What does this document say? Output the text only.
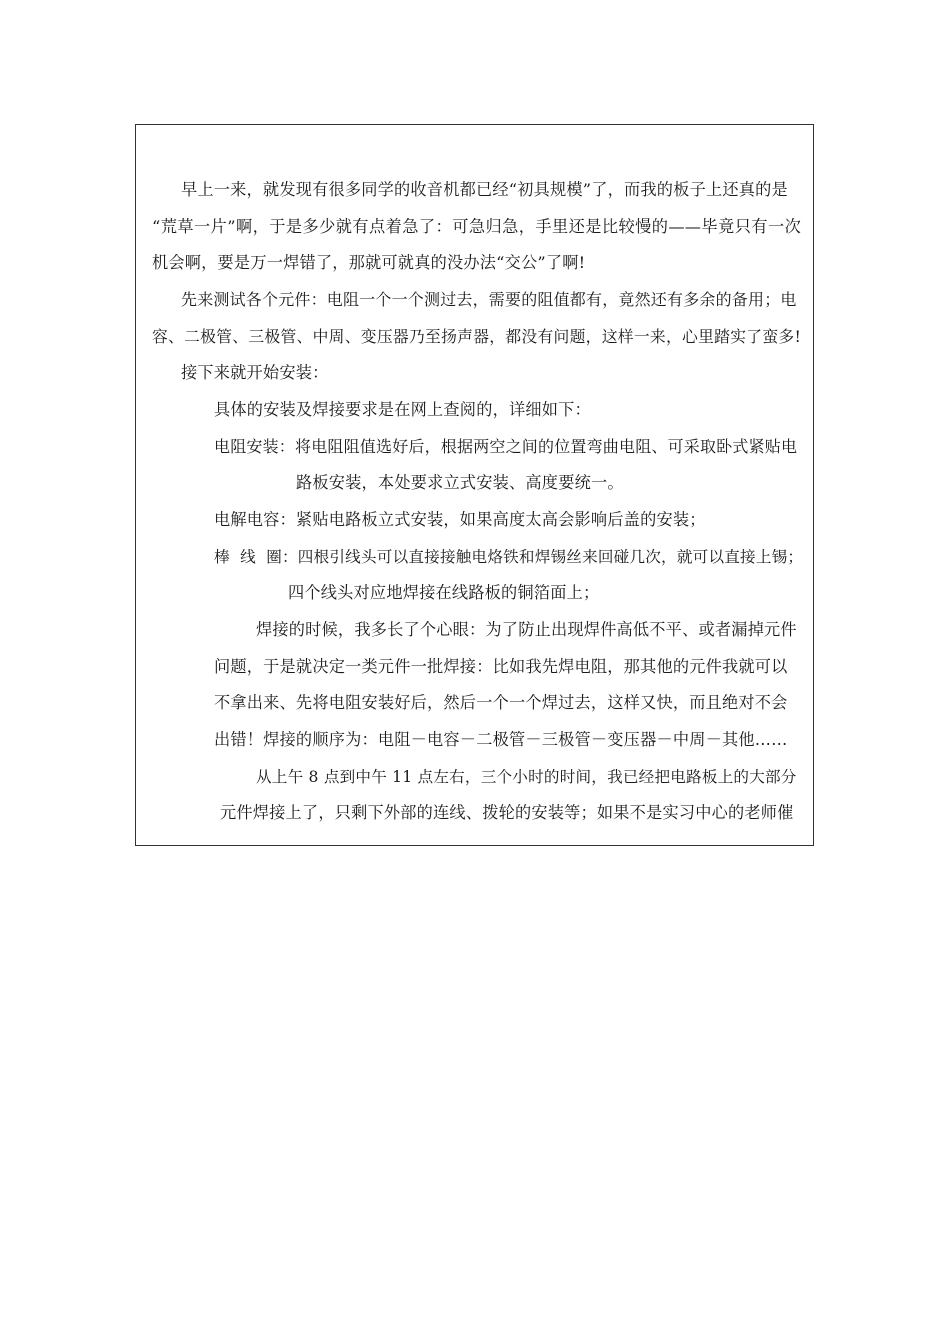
早上一来，就发现有很多同学的收音机都已经“初具规模”了，而我的板子上还真的是
“荒草一片”啊，于是多少就有点着急了：可急归急，手里还是比较慢的——毕竟只有一次
机会啊，要是万一焊错了，那就可就真的没办法“交公”了啊!
先来测试各个元件：电阻一个一个测过去，需要的阻值都有，竟然还有多余的备用；电
容、二极管、三极管、中周、变压器乃至扬声器，都没有问题，这样一来，心里踏实了蛮多!
接下来就开始安装：
具体的安装及焊接要求是在网上查阅的，详细如下：
电阻安装：将电阻阻值选好后，根据两空之间的位置弯曲电阻、可采取卧式紧贴电
路板安装，本处要求立式安装、高度要统一。
电解电容：紧贴电路板立式安装，如果高度太高会影响后盖的安装；
棒  线  圈：四根引线头可以直接接触电烙铁和焊锡丝来回碰几次，就可以直接上锡；
四个线头对应地焊接在线路板的铜箔面上；
焊接的时候，我多长了个心眼：为了防止出现焊件高低不平、或者漏掉元件
问题，于是就决定一类元件一批焊接：比如我先焊电阻，那其他的元件我就可以
不拿出来、先将电阻安装好后，然后一个一个焊过去，这样又快，而且绝对不会
出错！焊接的顺序为：电阻－电容－二极管－三极管－变压器－中周－其他……
从上午 8 点到中午 11 点左右，三个小时的时间，我已经把电路板上的大部分
元件焊接上了，只剩下外部的连线、拨轮的安装等；如果不是实习中心的老师催
